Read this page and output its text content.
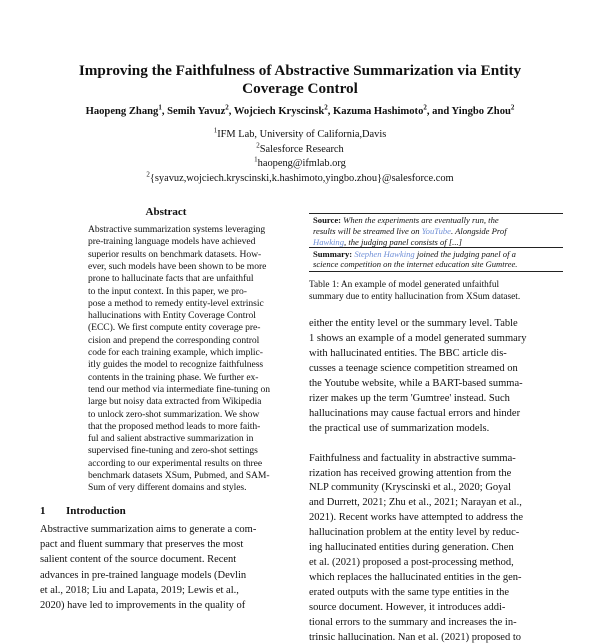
Improving the Faithfulness of Abstractive Summarization via Entity
Coverage Control
Haopeng Zhang$^1$, Semih Yavuz$^2$, Wojciech Kryscinsk$^2$, Kazuma Hashimoto$^2$, and Yingbo Zhou$^2$
$^1$IFM Lab, University of California,Davis
$^2$Salesforce Research
$^1$haopeng@ifmlab.org
$^2${syavuz,wojciech.kryscinski,k.hashimoto,yingbo.zhou}@salesforce.com
Abstract
Abstractive summarization systems leveraging
pre-training language models have achieved
superior results on benchmark datasets. How-
ever, such models have been shown to be more
prone to hallucinate facts that are unfaithful
to the input context. In this paper, we pro-
pose a method to remedy entity-level extrinsic
hallucinations with Entity Coverage Control
(ECC). We first compute entity coverage pre-
cision and prepend the corresponding control
code for each training example, which implic-
itly guides the model to recognize faithfulness
contents in the training phase. We further ex-
tend our method via intermediate fine-tuning on
large but noisy data extracted from Wikipedia
to unlock zero-shot summarization. We show
that the proposed method leads to more faith-
ful and salient abstractive summarization in
supervised fine-tuning and zero-shot settings
according to our experimental results on three
benchmark datasets XSum, Pubmed, and SAM-
Sum of very different domains and styles.
1 Introduction
Abstractive summarization aims to generate a com-
pact and fluent summary that preserves the most
salient content of the source document. Recent
advances in pre-trained language models (Devlin
et al., 2018; Liu and Lapata, 2019; Lewis et al.,
2020) have led to improvements in the quality of
Source: When the experiments are eventually run, the
results will be streamed live on YouTube. Alongside Prof
Hawking, the judging panel consists of [...]
Summary: Stephen Hawking joined the judging panel of a
science competition on the internet education site Gumtree.
Table 1: An example of model generated unfaithful
summary due to entity hallucination from XSum dataset.
either the entity level or the summary level. Table
1 shows an example of a model generated summary
with hallucinated entities. The BBC article dis-
cusses a teenage science competition streamed on
the Youtube website, while a BART-based summa-
rizer makes up the term 'Gumtree' instead. Such
hallucinations may cause factual errors and hinder
the practical use of summarization models.
Faithfulness and factuality in abstractive summa-
rization has received growing attention from the
NLP community (Kryscinski et al., 2020; Goyal
and Durrett, 2021; Zhu et al., 2021; Narayan et al.,
2021). Recent works have attempted to address the
hallucination problem at the entity level by reduc-
ing hallucinated entities during generation. Chen
et al. (2021) proposed a post-processing method,
which replaces the hallucinated entities in the gen-
erated outputs with the same type entities in the
source document. However, it introduces addi-
tional errors to the summary and increases the in-
trinsic hallucination. Nan et al. (2021) proposed to
